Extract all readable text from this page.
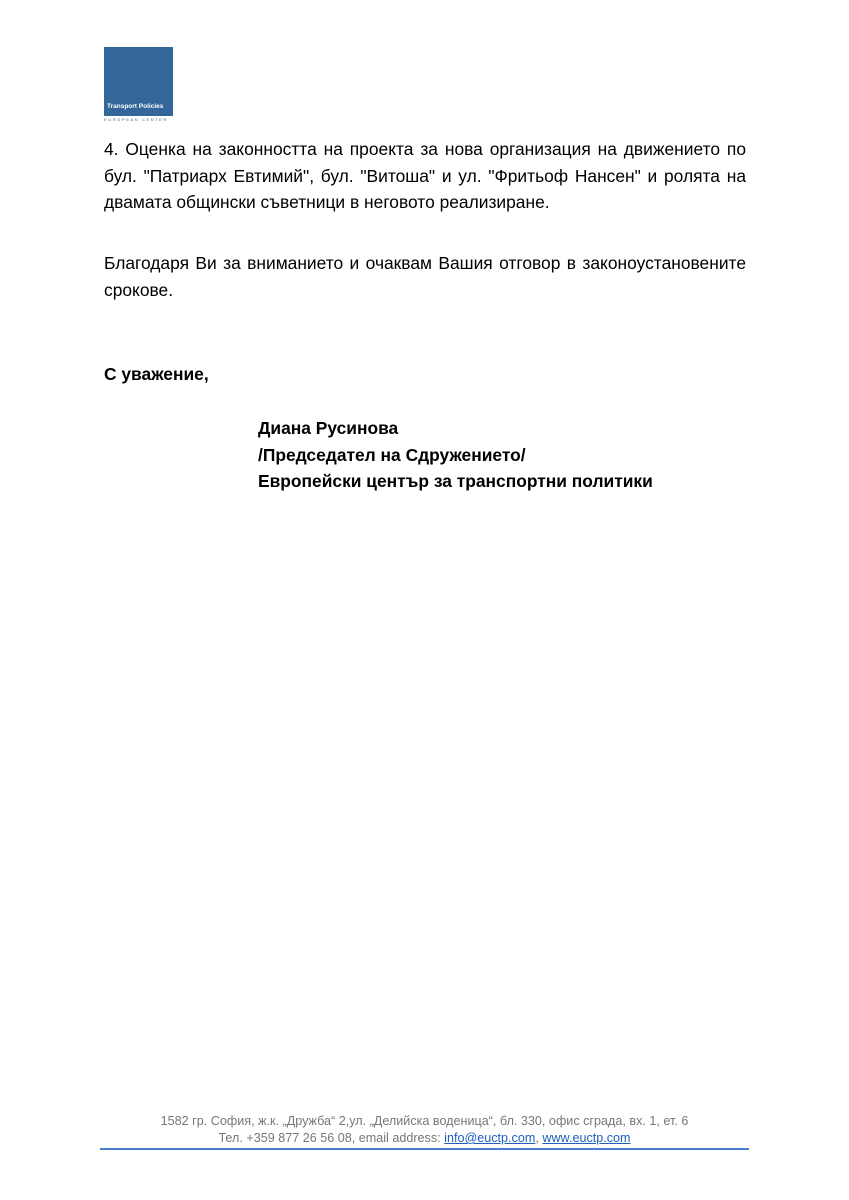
Transport Policies
EUROPEAN CENTER

4. Оценка на законността на проекта за нова организация на движението по бул. "Патриарх Евтимий", бул. "Витоша" и ул. "Фритьоф Нансен" и ролята на двамата общински съветници в неговото реализиране.

Благодаря Ви за вниманието и очаквам Вашия отговор в законоустановените срокове.

С уважение,

Диана Русинова
/Председател на Сдружението/
Европейски център за транспортни политики
1582 гр. София, ж.к. „Дружба“ 2,ул. „Делийска воденица“, бл. 330, офис сграда, вх. 1, ет. 6
Тел. +359 877 26 56 08, email address: info@euctp.com, www.euctp.com
